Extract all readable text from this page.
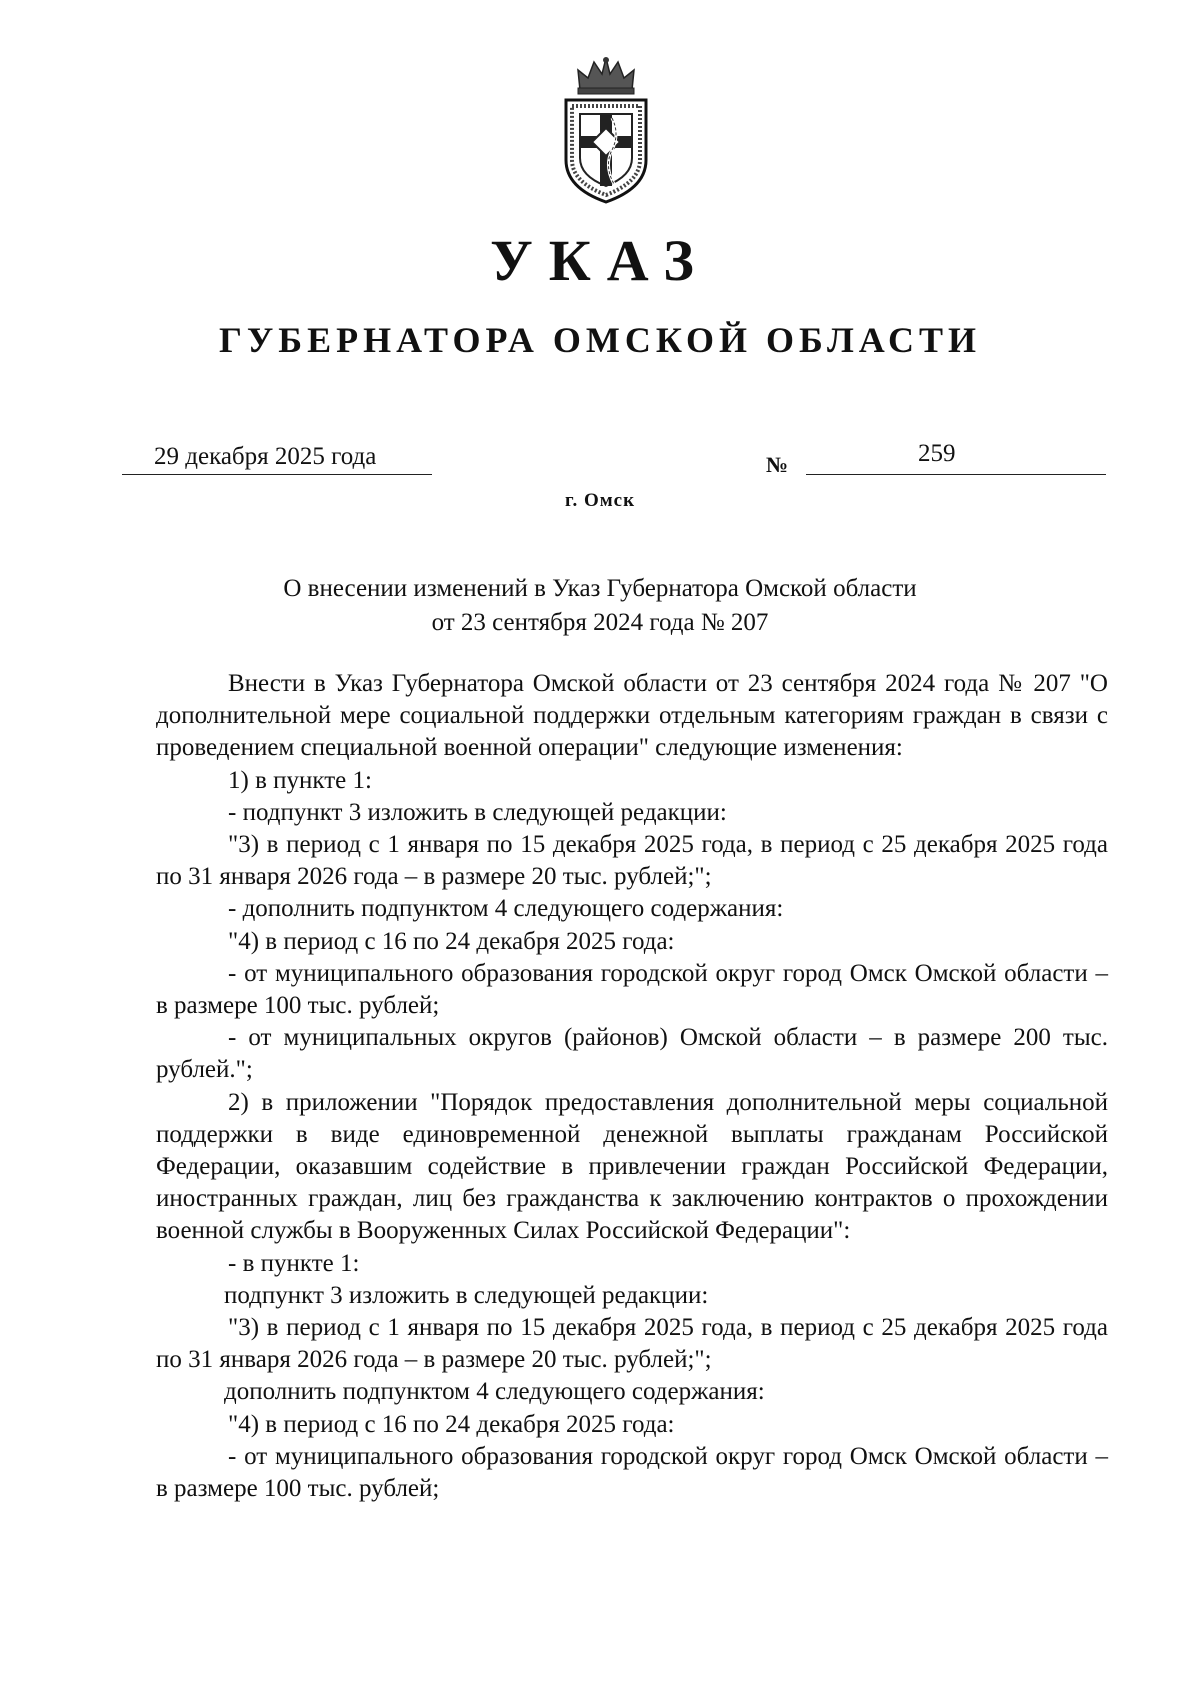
УКАЗ
ГУБЕРНАТОРА ОМСКОЙ ОБЛАСТИ
29 декабря 2025 года	№	259
г. Омск
О внесении изменений в Указ Губернатора Омской области
от 23 сентября 2024 года № 207

Внести в Указ Губернатора Омской области от 23 сентября 2024 года № 207 "О дополнительной мере социальной поддержки отдельным категориям граждан в связи с проведением специальной военной операции" следующие изменения:

1) в пункте 1:

- подпункт 3 изложить в следующей редакции:

"3) в период с 1 января по 15 декабря 2025 года, в период с 25 декабря 2025 года по 31 января 2026 года – в размере 20 тыс. рублей;";

- дополнить подпунктом 4 следующего содержания:

"4) в период с 16 по 24 декабря 2025 года:

- от муниципального образования городской округ город Омск Омской области – в размере 100 тыс. рублей;

- от муниципальных округов (районов) Омской области – в размере 200 тыс. рублей.";

2) в приложении "Порядок предоставления дополнительной меры социальной поддержки в виде единовременной денежной выплаты гражданам Российской Федерации, оказавшим содействие в привлечении граждан Российской Федерации, иностранных граждан, лиц без гражданства к заключению контрактов о прохождении военной службы в Вооруженных Силах Российской Федерации":

- в пункте 1:

подпункт 3 изложить в следующей редакции:

"3) в период с 1 января по 15 декабря 2025 года, в период с 25 декабря 2025 года по 31 января 2026 года – в размере 20 тыс. рублей;";

дополнить подпунктом 4 следующего содержания:

"4) в период с 16 по 24 декабря 2025 года:

- от муниципального образования городской округ город Омск Омской области – в размере 100 тыс. рублей;
